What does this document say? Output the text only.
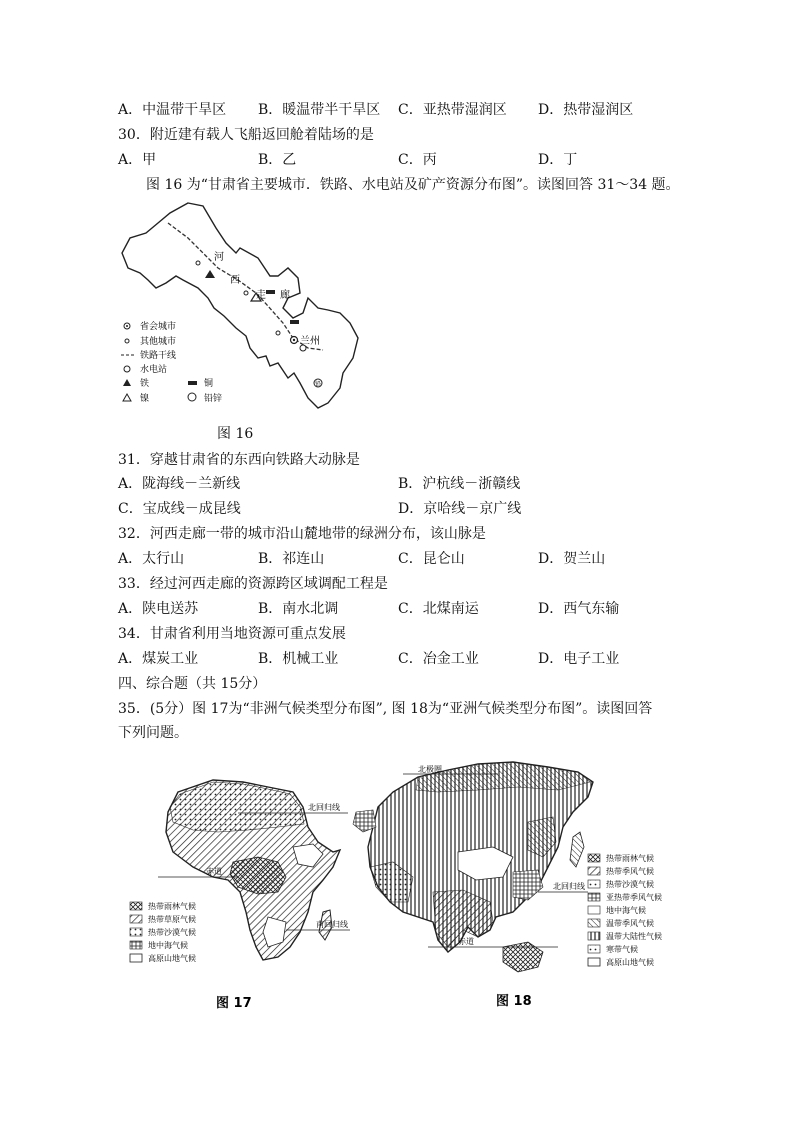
A．中温带干旱区 B．暖温带半干旱区 C．亚热带湿润区 D．热带湿润区
30．附近建有载人飞船返回舱着陆场的是
A．甲	B．乙	C．丙	D．丁
图 16 为“甘肃省主要城市．铁路、水电站及矿产资源分布图”。读图回答 31～34 题。
铅
河
西
走 廊
兰州
省会城市
其他城市
铁路干线
水电站
铁	铜
镍	铅锌
图 16
31．穿越甘肃省的东西向铁路大动脉是
A．陇海线－兰新线	B．沪杭线－浙赣线
C．宝成线－成昆线	D．京哈线－京广线
32．河西走廊一带的城市沿山麓地带的绿洲分布，该山脉是
A．太行山	B．祁连山	C．昆仑山	D．贺兰山
33．经过河西走廊的资源跨区域调配工程是
A．陕电送苏	B．南水北调	C．北煤南运	D．西气东输
34．甘肃省利用当地资源可重点发展
A．煤炭工业	B．机械工业	C．冶金工业	D．电子工业
四、综合题（共 15分）
35．(5分）图 17为“非洲气候类型分布图”, 图 18为“亚洲气候类型分布图”。读图回答
下列问题。
北回归线
赤道
南回归线
热带雨林气候
热带草原气候
热带沙漠气候
地中海气候
高原山地气候
北极圈
北回归线
赤道
热带雨林气候
热带季风气候
热带沙漠气候
亚热带季风气候
地中海气候
温带季风气候
温带大陆性气候
寒带气候
高原山地气候
图 17	图 18
